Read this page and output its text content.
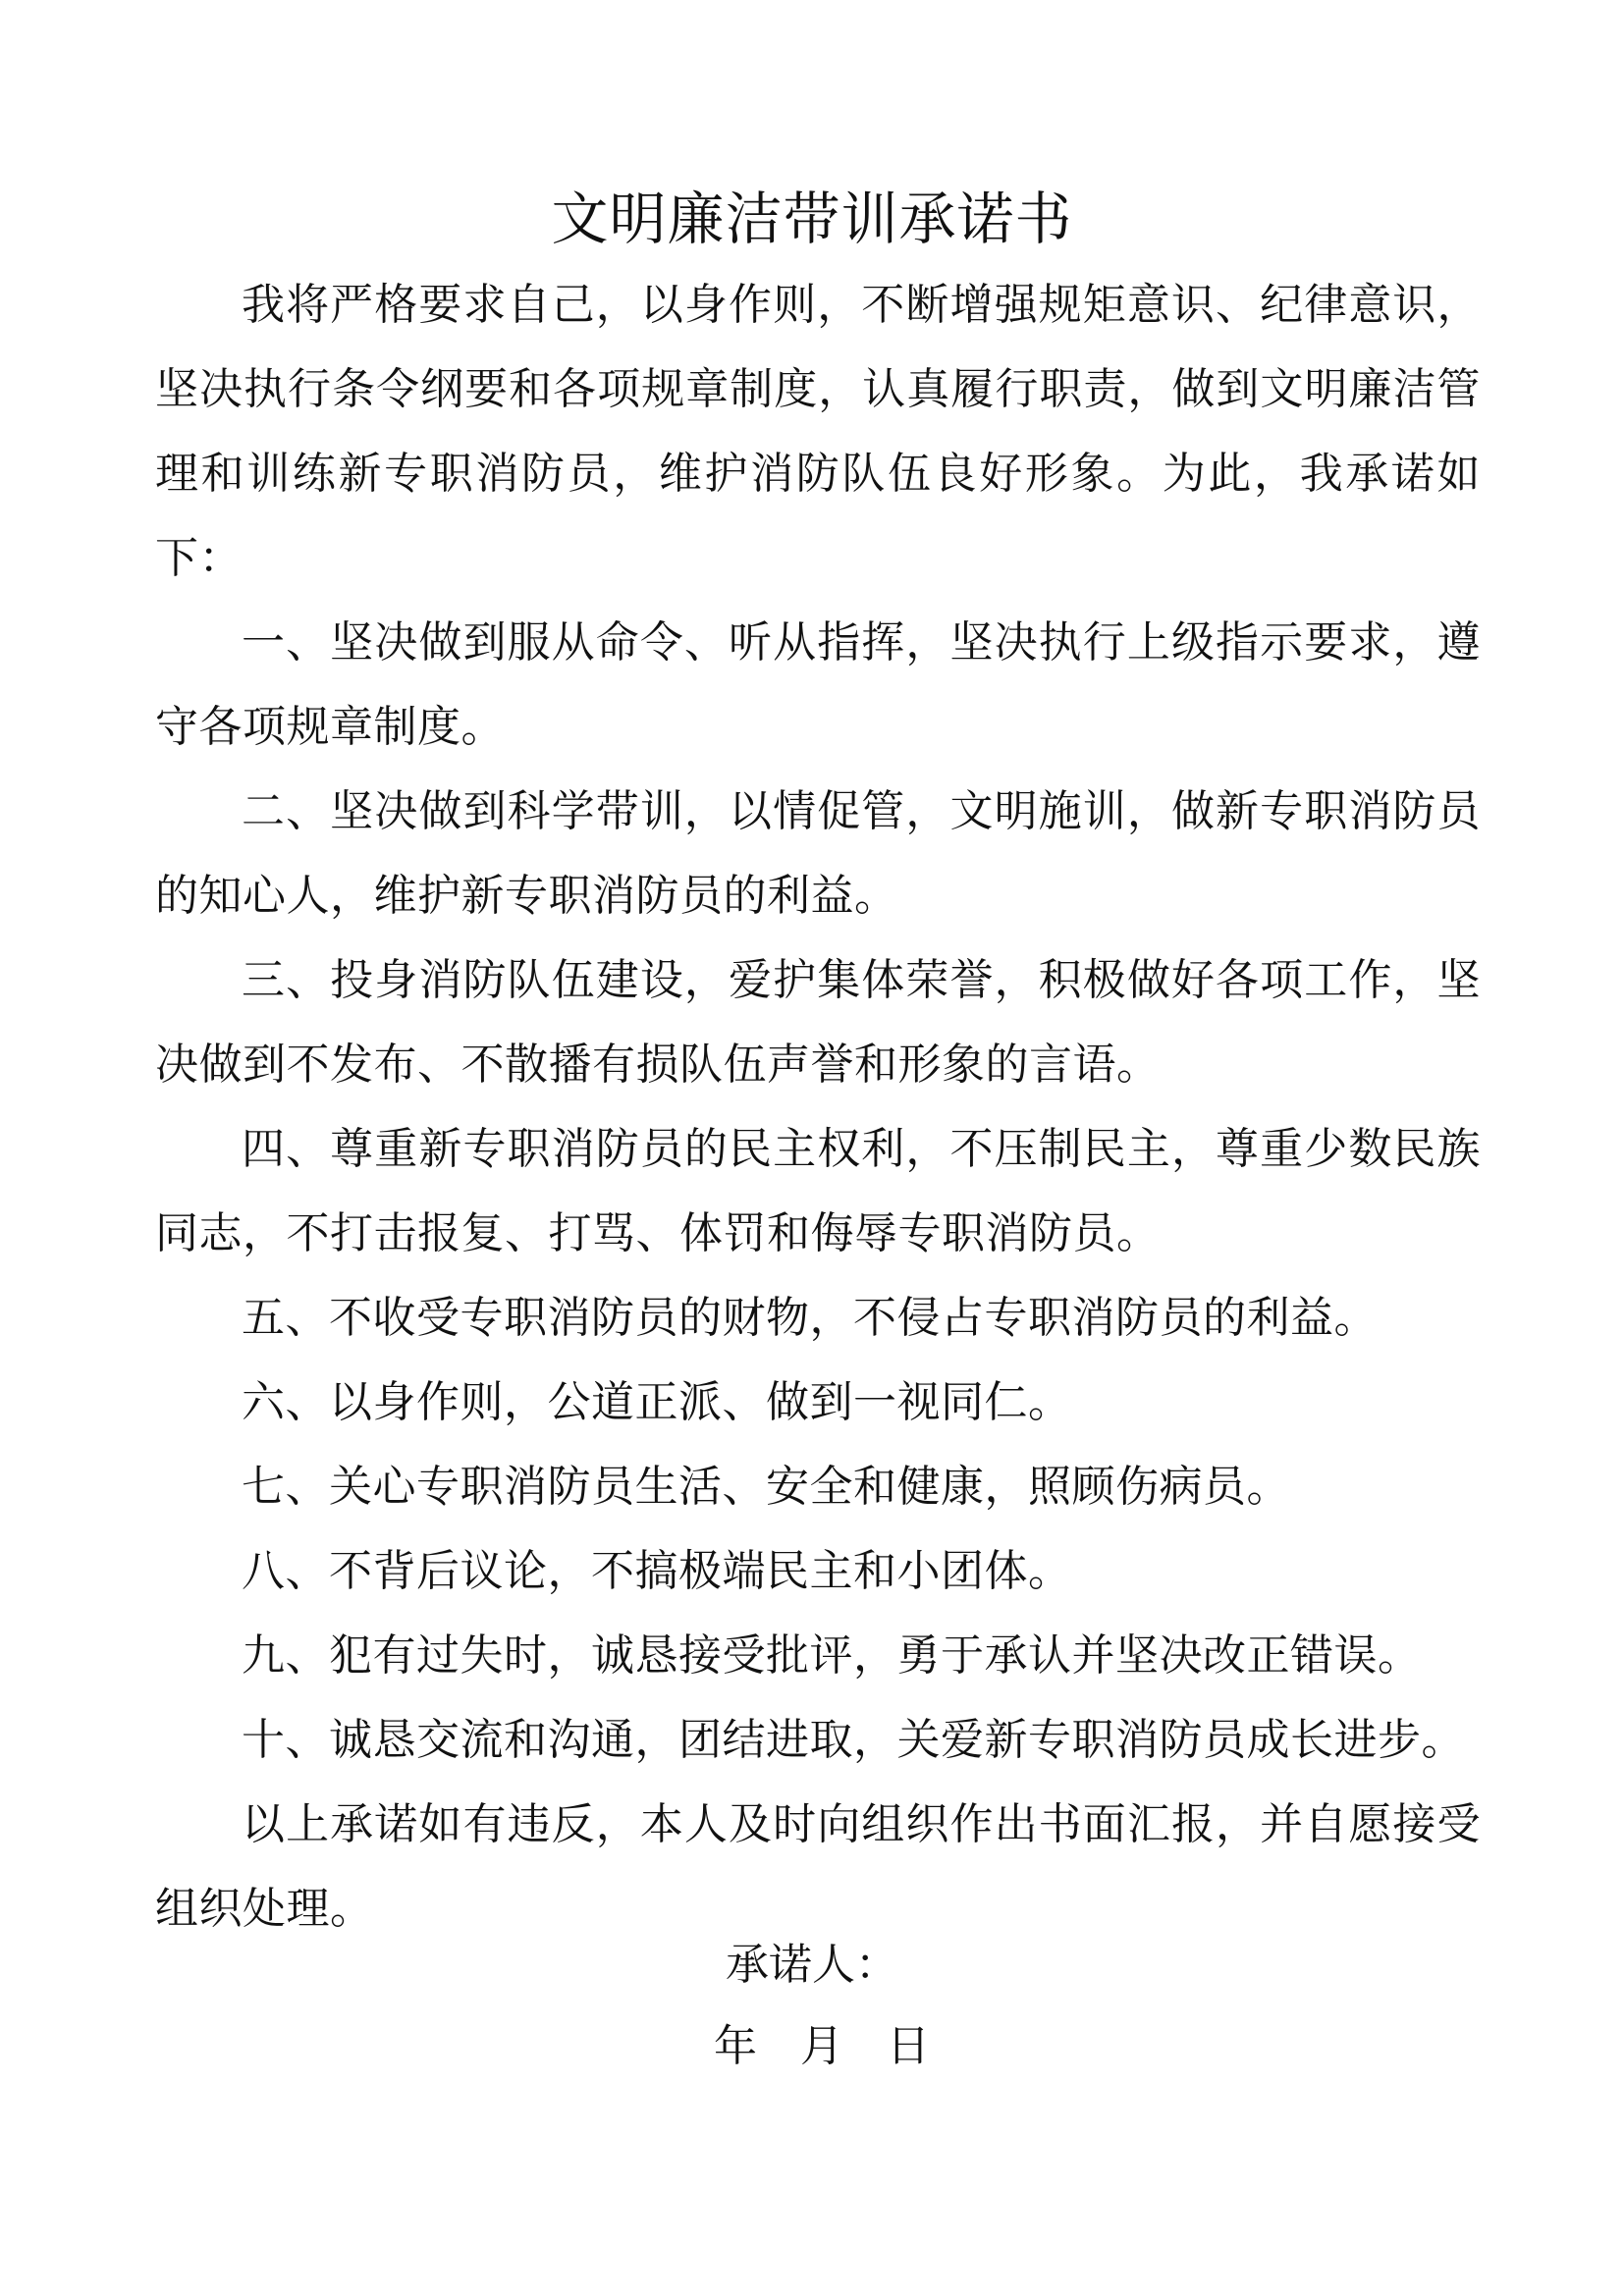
文明廉洁带训承诺书

我将严格要求自己，以身作则，不断增强规矩意识、纪律意识，坚决执行条令纲要和各项规章制度，认真履行职责，做到文明廉洁管理和训练新专职消防员，维护消防队伍良好形象。为此，我承诺如下：

一、坚决做到服从命令、听从指挥，坚决执行上级指示要求，遵守各项规章制度。

二、坚决做到科学带训，以情促管，文明施训，做新专职消防员的知心人，维护新专职消防员的利益。

三、投身消防队伍建设，爱护集体荣誉，积极做好各项工作，坚决做到不发布、不散播有损队伍声誉和形象的言语。

四、尊重新专职消防员的民主权利，不压制民主，尊重少数民族同志，不打击报复、打骂、体罚和侮辱专职消防员。

五、不收受专职消防员的财物，不侵占专职消防员的利益。

六、以身作则，公道正派、做到一视同仁。

七、关心专职消防员生活、安全和健康，照顾伤病员。

八、不背后议论，不搞极端民主和小团体。

九、犯有过失时，诚恳接受批评，勇于承认并坚决改正错误。

十、诚恳交流和沟通，团结进取，关爱新专职消防员成长进步。

以上承诺如有违反，本人及时向组织作出书面汇报，并自愿接受组织处理。

承诺人：
年 月 日
